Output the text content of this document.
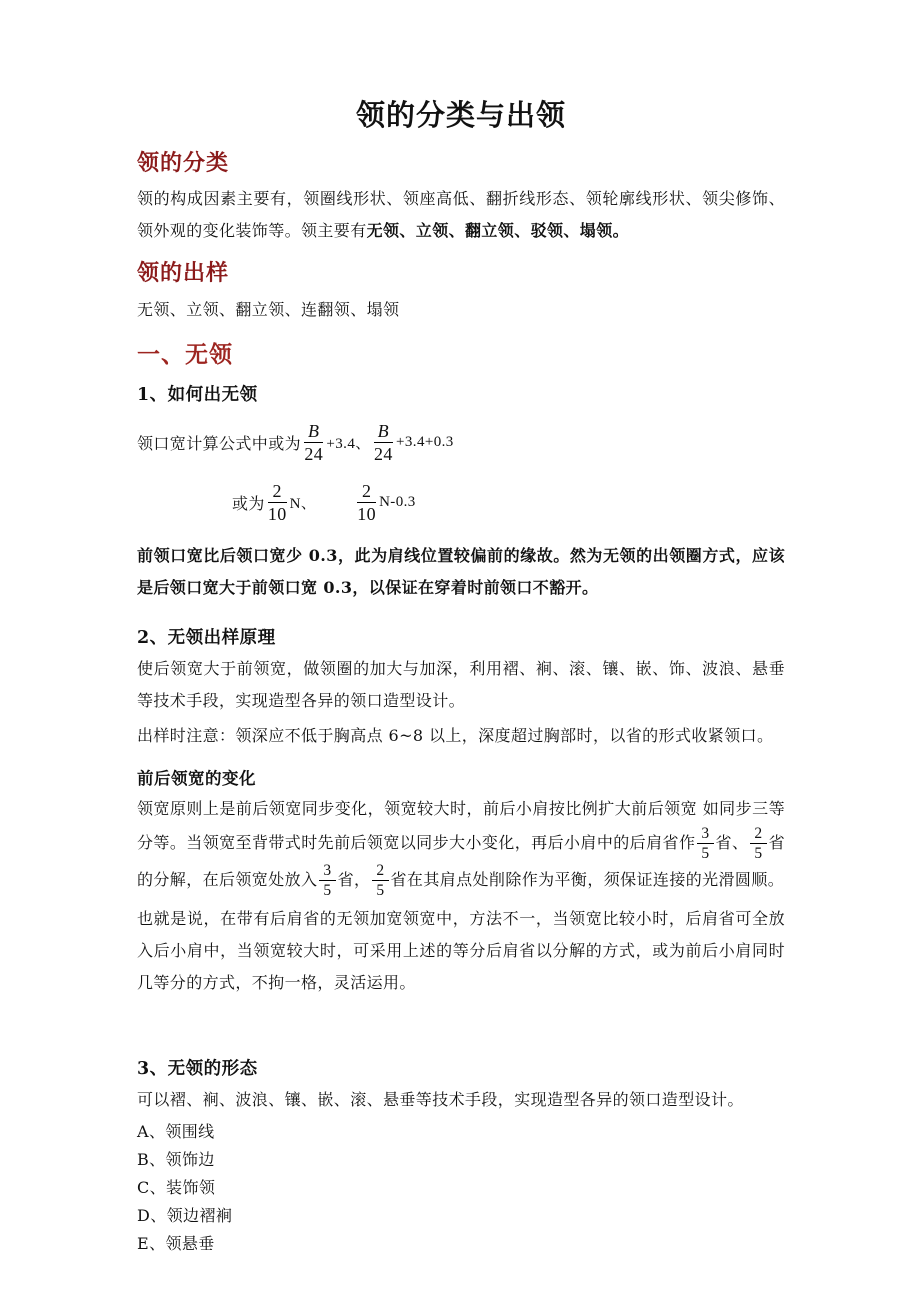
领的分类与出领
领的分类

领的构成因素主要有，领圈线形状、领座高低、翻折线形态、领轮廓线形状、领尖修饰、领外观的变化装饰等。领主要有无领、立领、翻立领、驳领、塌领。

领的出样

无领、立领、翻立领、连翻领、塌领

一、无领
1、如何出无领
领口宽计算公式中或为 $\frac{B}{24} +3.4$、 $\frac{B}{24} +3.4+0.3$
或为 $\frac{2}{10}$ N、 $\frac{2}{10} N-0.3$

前领口宽比后领口宽少 0.3，此为肩线位置较偏前的缘故。然为无领的出领圈方式，应该是后领口宽大于前领口宽 0.3，以保证在穿着时前领口不豁开。

2、无领出样原理

使后领宽大于前领宽，做领圈的加大与加深，利用褶、裥、滚、镶、嵌、饰、波浪、悬垂等技术手段，实现造型各异的领口造型设计。

出样时注意：领深应不低于胸高点 6~8 以上，深度超过胸部时，以省的形式收紧领口。

前后领宽的变化

领宽原则上是前后领宽同步变化，领宽较大时，前后小肩按比例扩大前后领宽 如同步三等分等。当领宽至背带式时先前后领宽以同步大小变化，再后小肩中的后肩省作 $\frac{3}{5}$ 省、 $\frac{2}{5}$ 省的分解，在后领宽处放入 $\frac{3}{5}$ 省， $\frac{2}{5}$ 省在其肩点处削除作为平衡，须保证连接的光滑圆顺。

也就是说，在带有后肩省的无领加宽领宽中，方法不一，当领宽比较小时，后肩省可全放入后小肩中，当领宽较大时，可采用上述的等分后肩省以分解的方式，或为前后小肩同时几等分的方式，不拘一格，灵活运用。

3、无领的形态

可以褶、裥、波浪、镶、嵌、滚、悬垂等技术手段，实现造型各异的领口造型设计。

A、领围线
B、领饰边
C、装饰领
D、领边褶裥
E、领悬垂
